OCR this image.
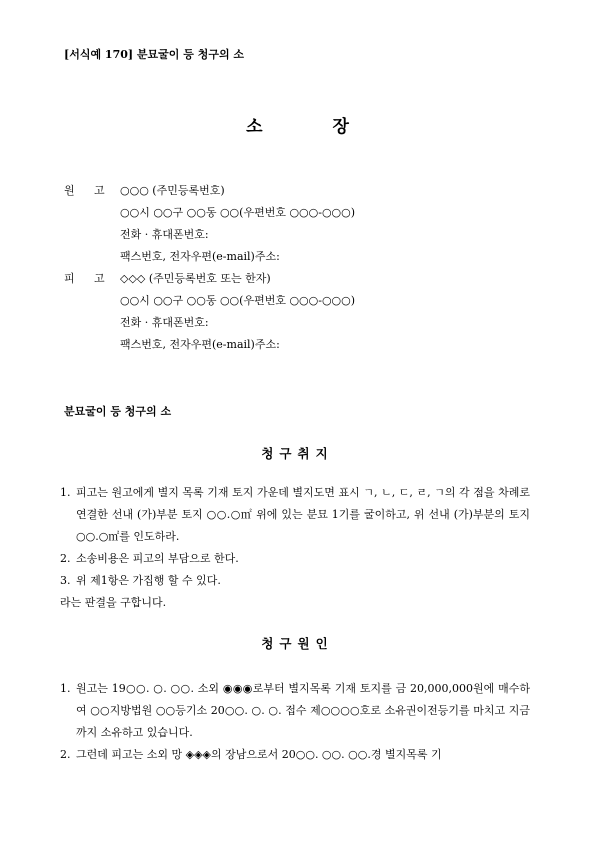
[서식예 170] 분묘굴이 등 청구의 소
소	장
원 고 ○○○ (주민등록번호)
○○시 ○○구 ○○동 ○○(우편번호 ○○○-○○○)
전화 · 휴대폰번호:
팩스번호, 전자우편(e-mail)주소:
피 고 ◇◇◇ (주민등록번호 또는 한자)
○○시 ○○구 ○○동 ○○(우편번호 ○○○-○○○)
전화 · 휴대폰번호:
팩스번호, 전자우편(e-mail)주소:
분묘굴이 등 청구의 소
청구취지
1. 피고는 원고에게 별지 목록 기재 토지 가운데 별지도면 표시 ㄱ, ㄴ, ㄷ, ㄹ, ㄱ의 각 점을 차례로 연결한 선내 (가)부분 토지 ○○.○㎡ 위에 있는 분묘 1기를 굴이하고, 위 선내 (가)부분의 토지 ○○.○㎡를 인도하라.
2. 소송비용은 피고의 부담으로 한다.
3. 위 제1항은 가집행 할 수 있다.
라는 판결을 구합니다.
청구원인
1. 원고는 19○○. ○. ○○. 소외 ◉◉◉로부터 별지목록 기재 토지를 금 20,000,000원에 매수하여 ○○지방법원 ○○등기소 20○○. ○. ○. 접수 제○○○○호로 소유권이전등기를 마치고 지금까지 소유하고 있습니다.
2. 그런데 피고는 소외 망 ◈◈◈의 장남으로서 20○○. ○○. ○○.경 별지목록 기
